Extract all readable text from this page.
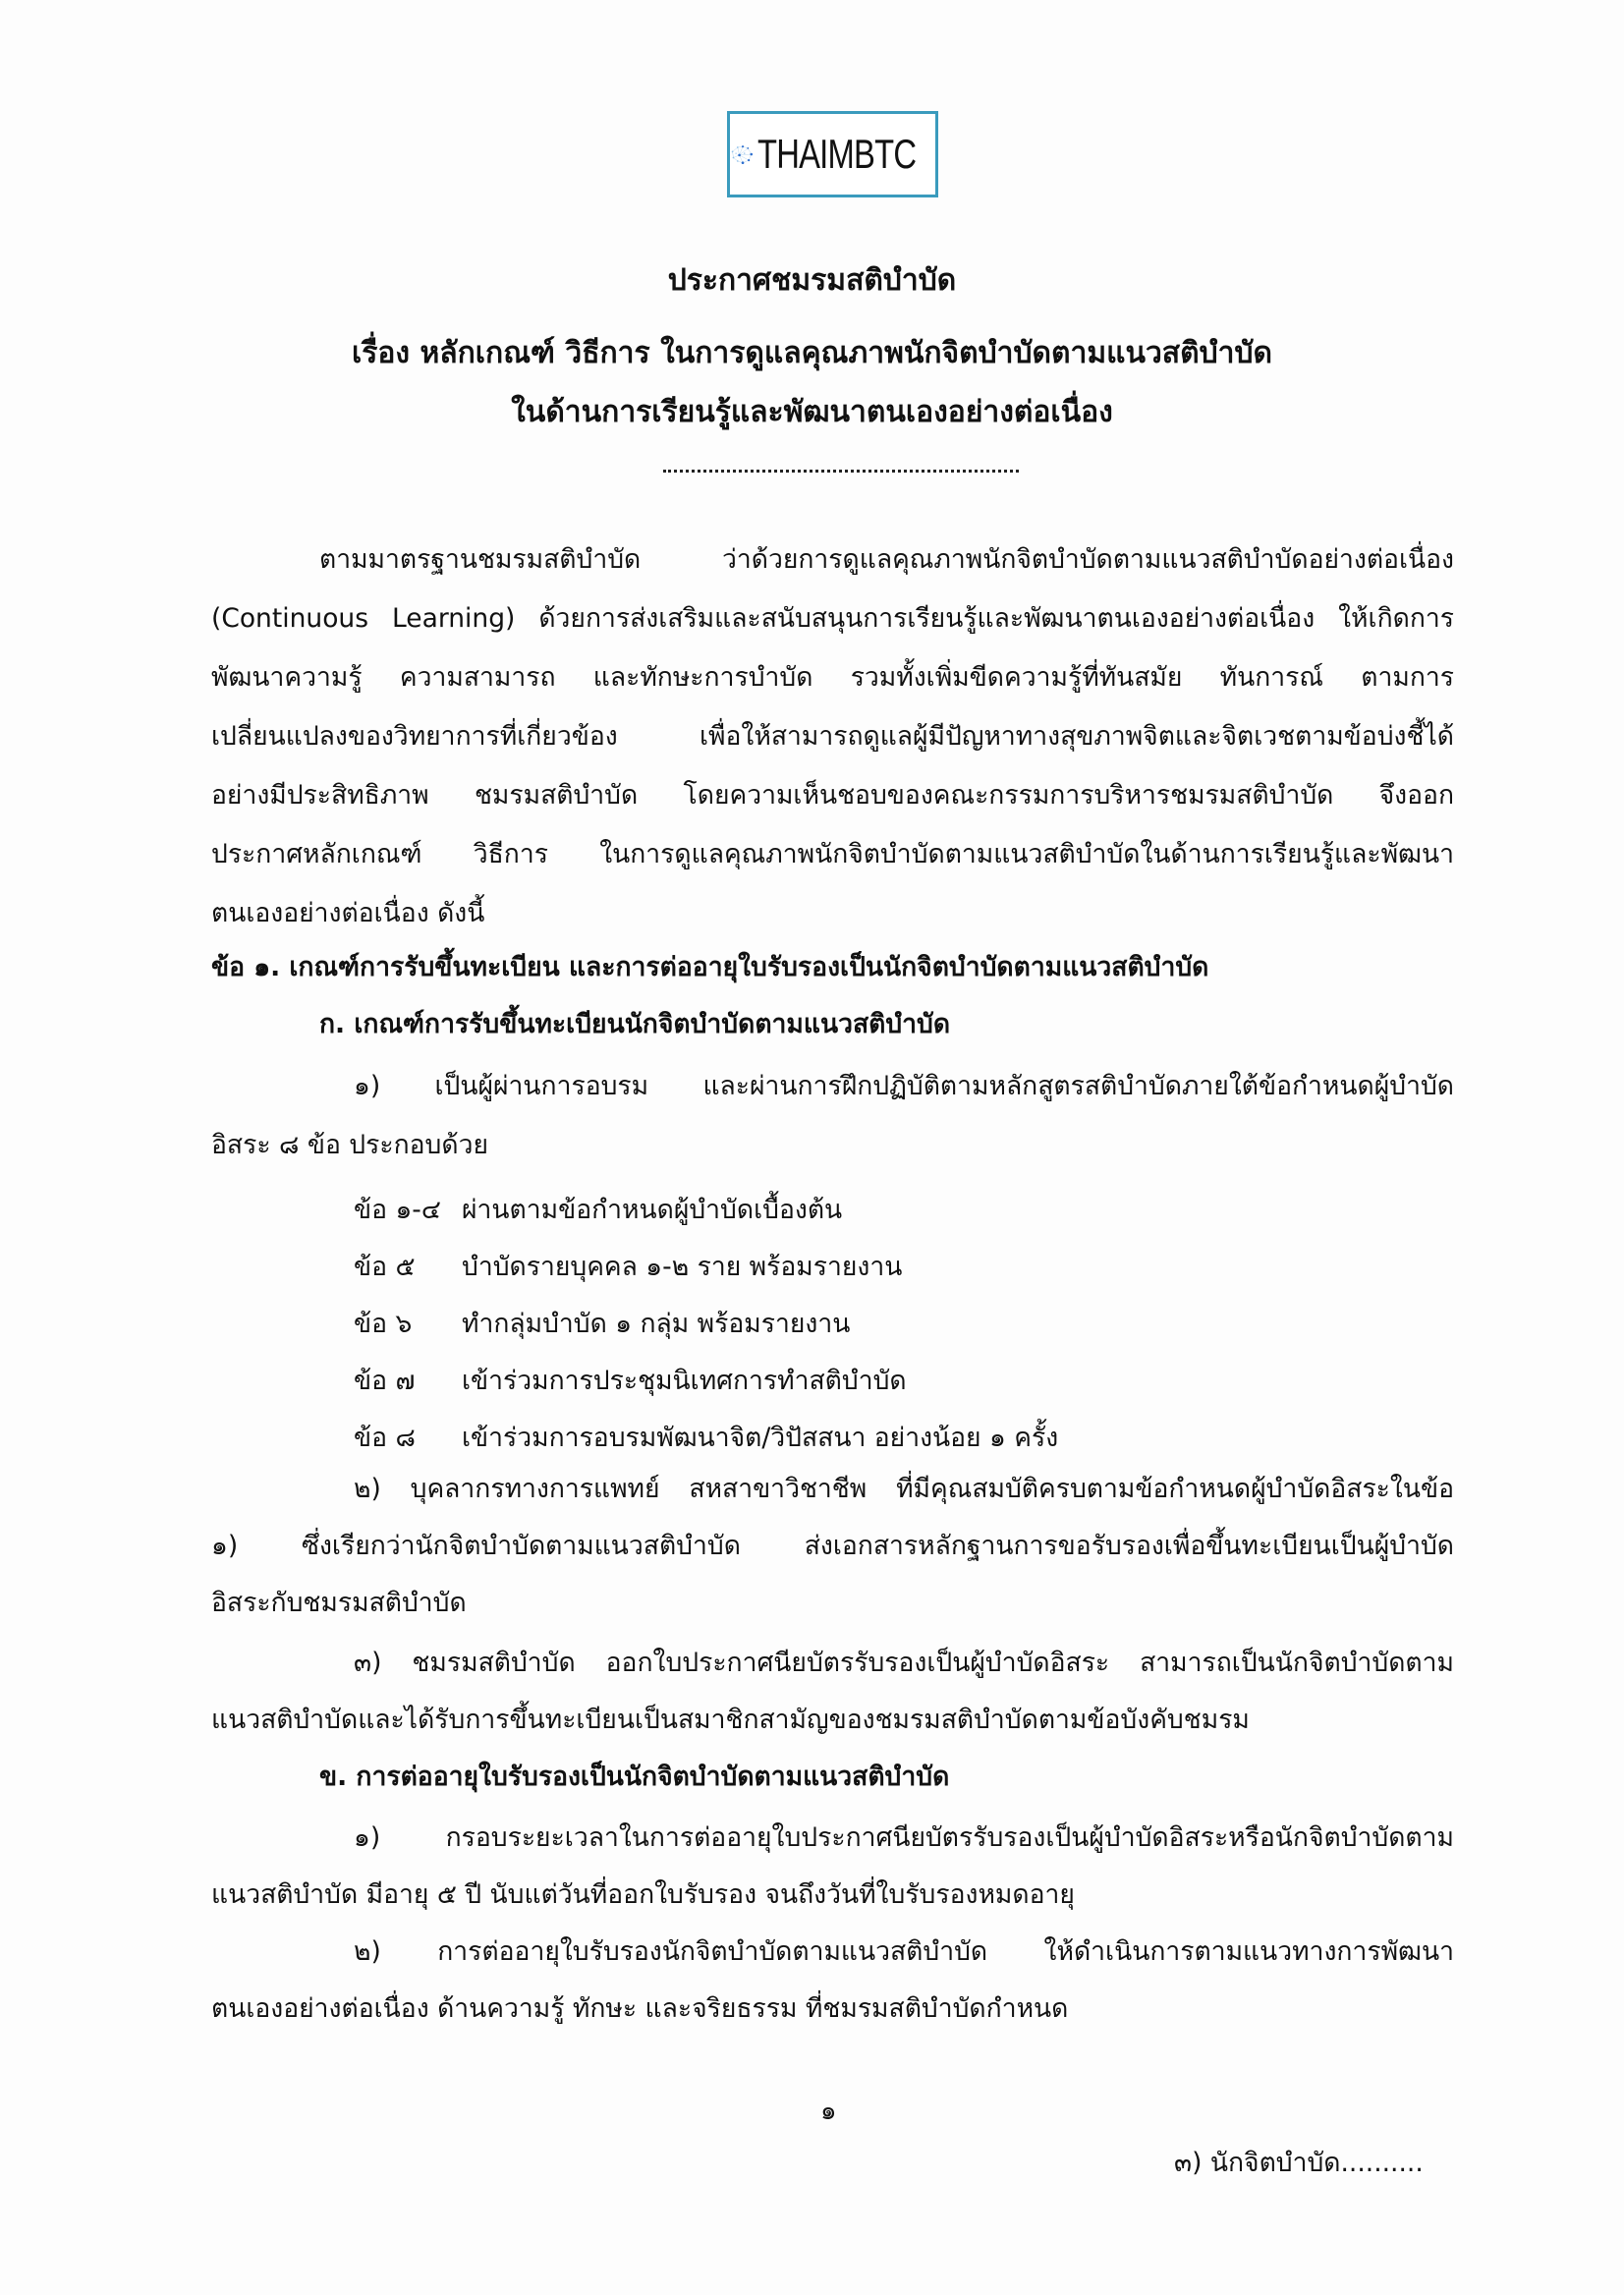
THAIMBTC
ประกาศชมรมสติบำบัด
เรื่อง หลักเกณฑ์ วิธีการ ในการดูแลคุณภาพนักจิตบำบัดตามแนวสติบำบัด
ในด้านการเรียนรู้และพัฒนาตนเองอย่างต่อเนื่อง
ตามมาตรฐานชมรมสติบำบัด ว่าด้วยการดูแลคุณภาพนักจิตบำบัดตามแนวสติบำบัดอย่างต่อเนื่อง
(Continuous Learning) ด้วยการส่งเสริมและสนับสนุนการเรียนรู้และพัฒนาตนเองอย่างต่อเนื่อง ให้เกิดการ
พัฒนาความรู้ ความสามารถ และทักษะการบำบัด รวมทั้งเพิ่มขีดความรู้ที่ทันสมัย ทันการณ์ ตามการ
เปลี่ยนแปลงของวิทยาการที่เกี่ยวข้อง เพื่อให้สามารถดูแลผู้มีปัญหาทางสุขภาพจิตและจิตเวชตามข้อบ่งชี้ได้
อย่างมีประสิทธิภาพ ชมรมสติบำบัด โดยความเห็นชอบของคณะกรรมการบริหารชมรมสติบำบัด จึงออก
ประกาศหลักเกณฑ์ วิธีการ ในการดูแลคุณภาพนักจิตบำบัดตามแนวสติบำบัดในด้านการเรียนรู้และพัฒนา
ตนเองอย่างต่อเนื่อง ดังนี้
ข้อ ๑. เกณฑ์การรับขึ้นทะเบียน และการต่ออายุใบรับรองเป็นนักจิตบำบัดตามแนวสติบำบัด
ก. เกณฑ์การรับขึ้นทะเบียนนักจิตบำบัดตามแนวสติบำบัด
๑) เป็นผู้ผ่านการอบรม และผ่านการฝึกปฏิบัติตามหลักสูตรสติบำบัดภายใต้ข้อกำหนดผู้บำบัด
อิสระ ๘ ข้อ ประกอบด้วย
ข้อ ๑-๔ ผ่านตามข้อกำหนดผู้บำบัดเบื้องต้น
ข้อ ๕ บำบัดรายบุคคล ๑-๒ ราย พร้อมรายงาน
ข้อ ๖ ทำกลุ่มบำบัด ๑ กลุ่ม พร้อมรายงาน
ข้อ ๗ เข้าร่วมการประชุมนิเทศการทำสติบำบัด
ข้อ ๘ เข้าร่วมการอบรมพัฒนาจิต/วิปัสสนา อย่างน้อย ๑ ครั้ง
๒) บุคลากรทางการแพทย์ สหสาขาวิชาชีพ ที่มีคุณสมบัติครบตามข้อกำหนดผู้บำบัดอิสระในข้อ
๑) ซึ่งเรียกว่านักจิตบำบัดตามแนวสติบำบัด ส่งเอกสารหลักฐานการขอรับรองเพื่อขึ้นทะเบียนเป็นผู้บำบัด
อิสระกับชมรมสติบำบัด
๓) ชมรมสติบำบัด ออกใบประกาศนียบัตรรับรองเป็นผู้บำบัดอิสระ สามารถเป็นนักจิตบำบัดตาม
แนวสติบำบัดและได้รับการขึ้นทะเบียนเป็นสมาชิกสามัญของชมรมสติบำบัดตามข้อบังคับชมรม
ข. การต่ออายุใบรับรองเป็นนักจิตบำบัดตามแนวสติบำบัด
๑) กรอบระยะเวลาในการต่ออายุใบประกาศนียบัตรรับรองเป็นผู้บำบัดอิสระหรือนักจิตบำบัดตาม
แนวสติบำบัด มีอายุ ๕ ปี นับแต่วันที่ออกใบรับรอง จนถึงวันที่ใบรับรองหมดอายุ
๒) การต่ออายุใบรับรองนักจิตบำบัดตามแนวสติบำบัด ให้ดำเนินการตามแนวทางการพัฒนา
ตนเองอย่างต่อเนื่อง ด้านความรู้ ทักษะ และจริยธรรม ที่ชมรมสติบำบัดกำหนด
๑
๓) นักจิตบำบัด..........
